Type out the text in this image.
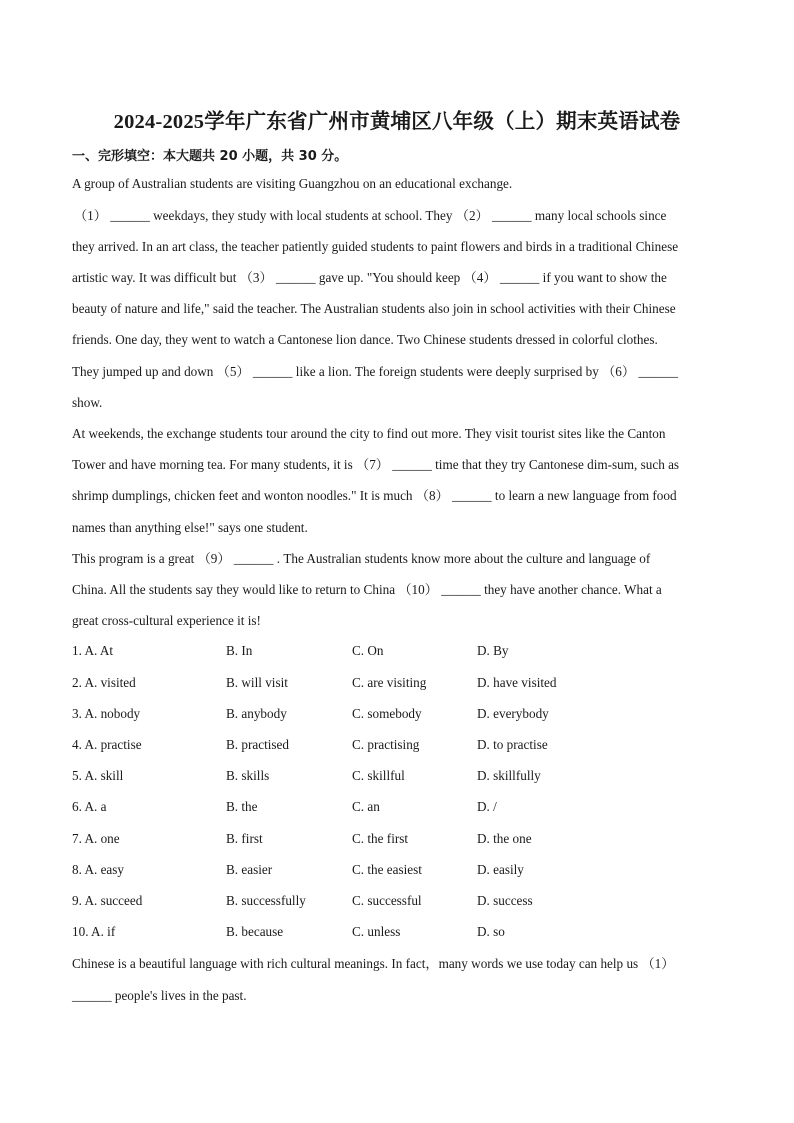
2024-2025学年广东省广州市黄埔区八年级（上）期末英语试卷
一、完形填空：本大题共 20 小题，共 30 分。
A group of Australian students are visiting Guangzhou on an educational exchange.
（1） ______ weekdays, they study with local students at school. They （2） ______ many local schools since
they arrived. In an art class, the teacher patiently guided students to paint flowers and birds in a traditional Chinese
artistic way. It was difficult but （3） ______ gave up. "You should keep （4） ______ if you want to show the
beauty of nature and life," said the teacher. The Australian students also join in school activities with their Chinese
friends. One day, they went to watch a Cantonese lion dance. Two Chinese students dressed in colorful clothes.
They jumped up and down （5） ______ like a lion. The foreign students were deeply surprised by （6） ______
show.
At weekends, the exchange students tour around the city to find out more. They visit tourist sites like the Canton
Tower and have morning tea. For many students, it is （7） ______ time that they try Cantonese dim-sum, such as
shrimp dumplings, chicken feet and wonton noodles." It is much （8） ______ to learn a new language from food
names than anything else!" says one student.
This program is a great （9） ______ . The Australian students know more about the culture and language of
China. All the students say they would like to return to China （10） ______ they have another chance. What a
great cross-cultural experience it is!
1. A. At	B. In	C. On	D. By
2. A. visited	B. will visit	C. are visiting	D. have visited
3. A. nobody	B. anybody	C. somebody	D. everybody
4. A. practise	B. practised	C. practising	D. to practise
5. A. skill	B. skills	C. skillful	D. skillfully
6. A. a	B. the	C. an	D. /
7. A. one	B. first	C. the first	D. the one
8. A. easy	B. easier	C. the easiest	D. easily
9. A. succeed	B. successfully	C. successful	D. success
10. A. if	B. because	C. unless	D. so
Chinese is a beautiful language with rich cultural meanings. In fact，many words we use today can help us （1）
______ people's lives in the past.
